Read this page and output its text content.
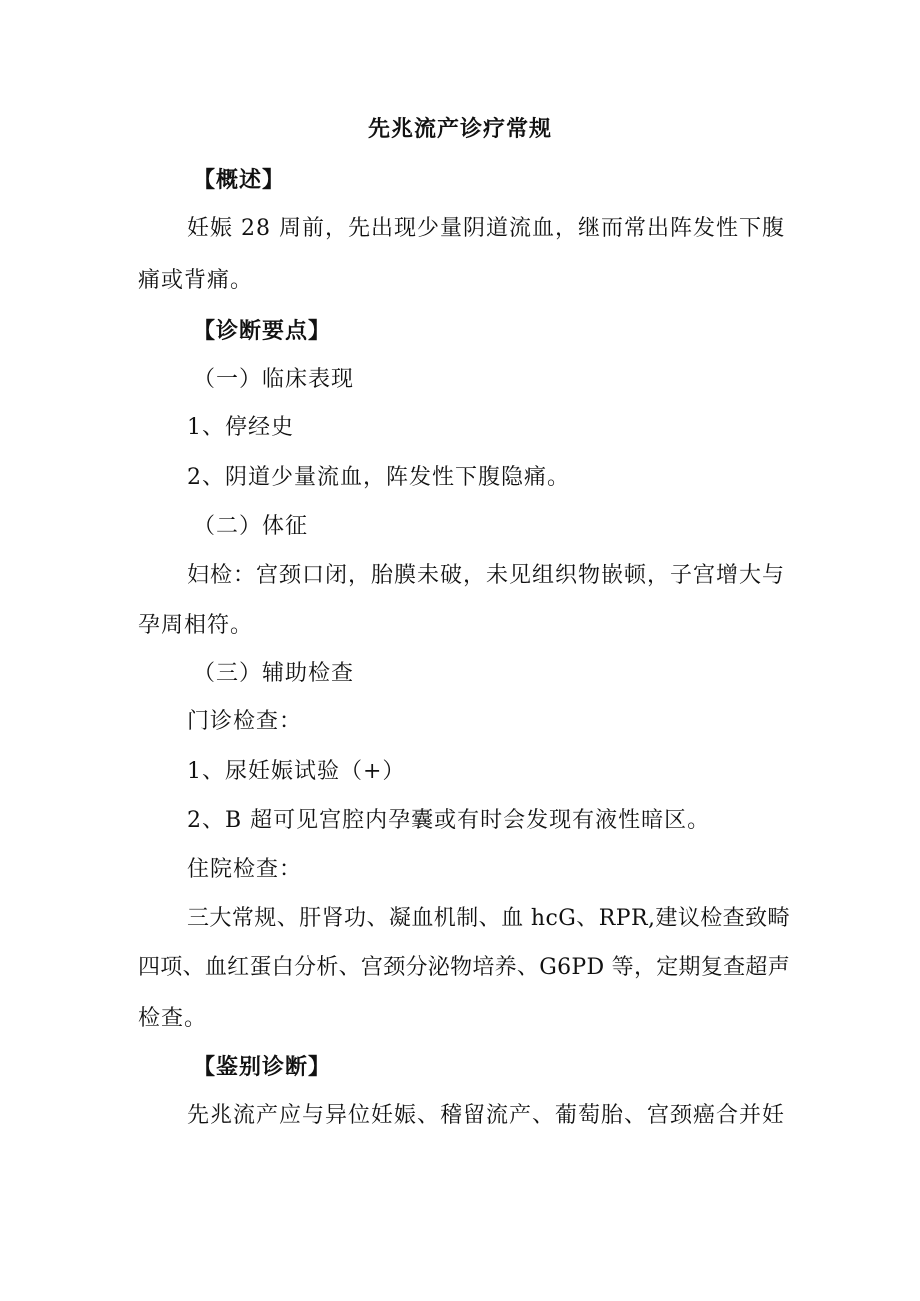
先兆流产诊疗常规
【概述】
妊娠 28 周前，先出现少量阴道流血，继而常出阵发性下腹
痛或背痛。
【诊断要点】
（一）临床表现
1、停经史
2、阴道少量流血，阵发性下腹隐痛。
（二）体征
妇检：宫颈口闭，胎膜未破，未见组织物嵌顿，子宫增大与
孕周相符。
（三）辅助检查
门诊检查：
1、尿妊娠试验（+）
2、B 超可见宫腔内孕囊或有时会发现有液性暗区。
住院检查：
三大常规、肝肾功、凝血机制、血 hcG、RPR,建议检查致畸
四项、血红蛋白分析、宫颈分泌物培养、G6PD 等，定期复查超声
检查。
【鉴别诊断】
先兆流产应与异位妊娠、稽留流产、葡萄胎、宫颈癌合并妊
